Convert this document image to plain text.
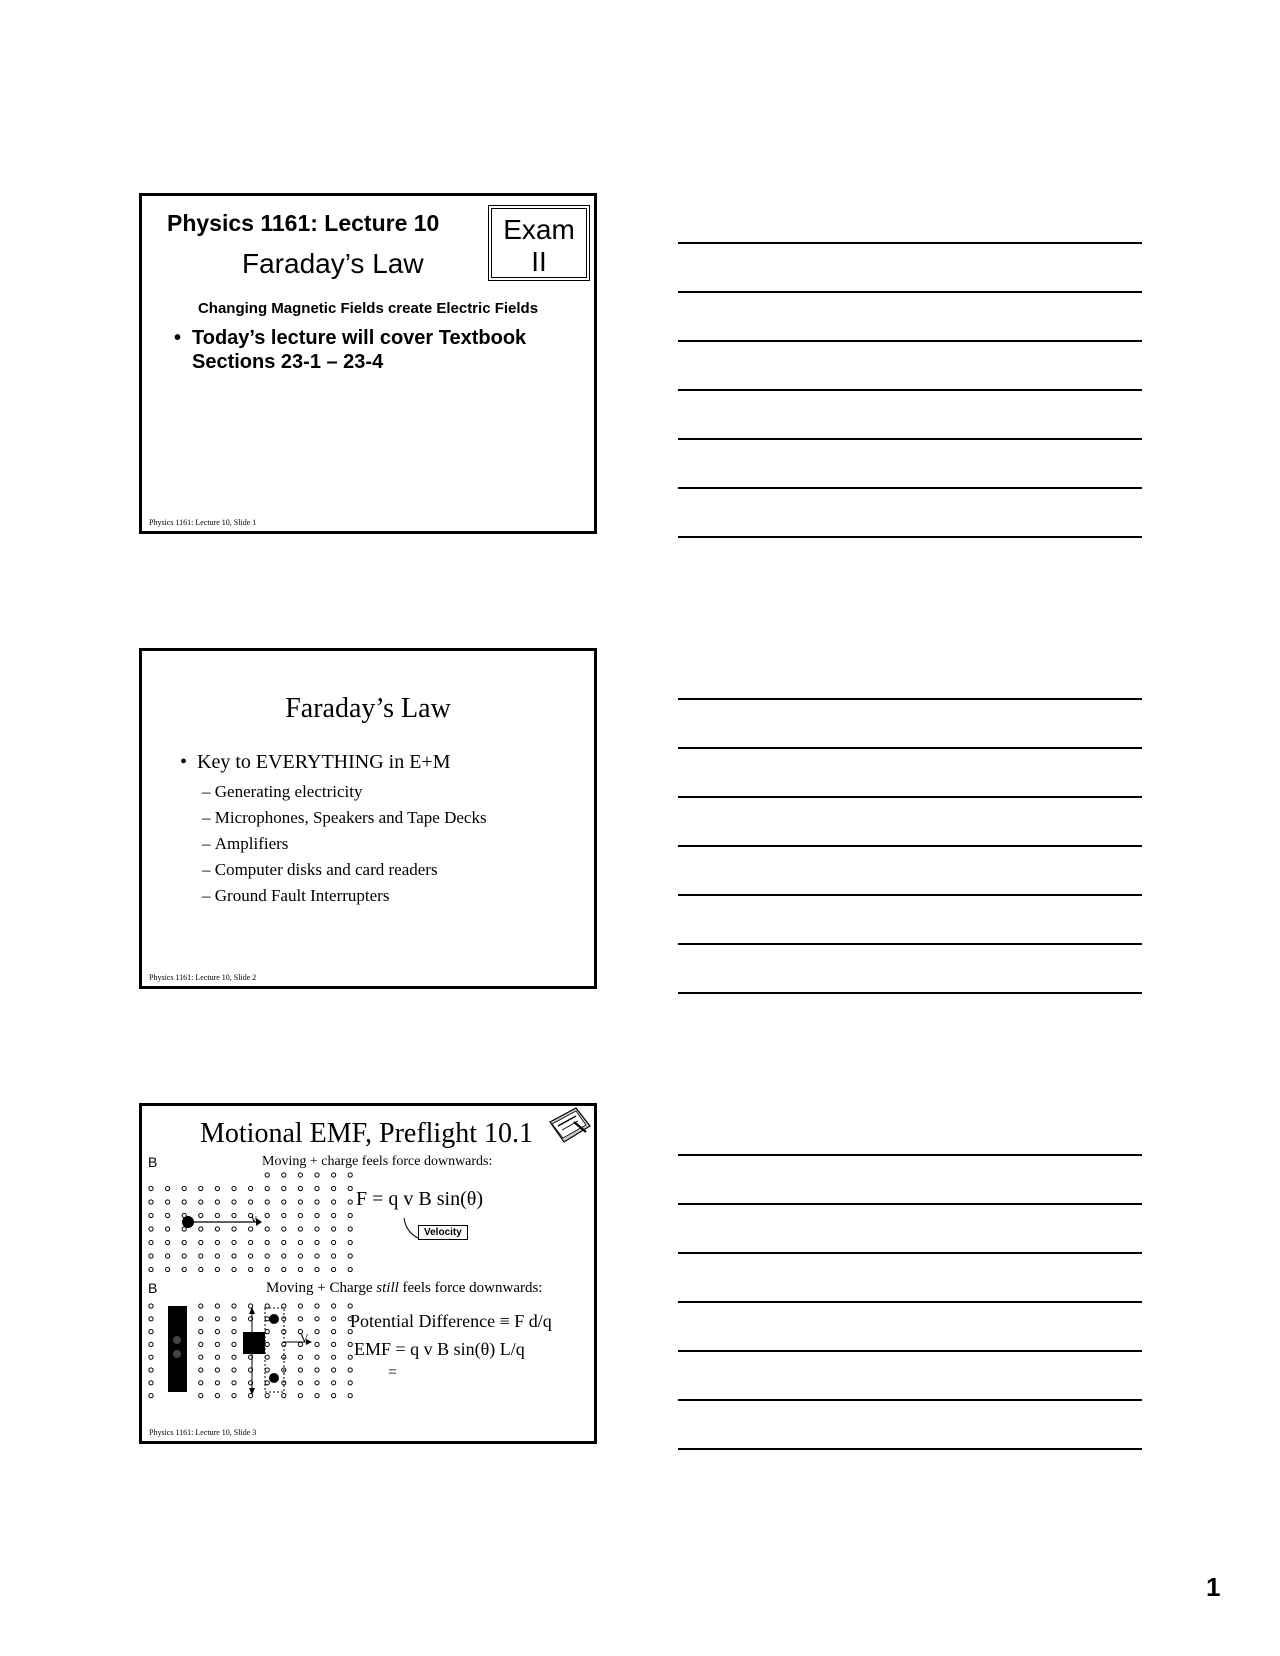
Physics 1161: Lecture 10
Faraday’s Law
Exam
II
Changing Magnetic Fields create Electric Fields
• Today’s lecture will cover Textbook Sections 23-1 – 23-4
Physics 1161: Lecture 10, Slide 1
Faraday’s Law
•  Key to EVERYTHING in E+M
– Generating electricity
– Microphones, Speakers and Tape Decks
– Amplifiers
– Computer disks and card readers
– Ground Fault Interrupters
Physics 1161: Lecture 10, Slide 2
Motional EMF, Preflight 10.1
B	Moving + charge feels force downwards:
v
F = q v B sin(θ)
Velocity
B	Moving + Charge still feels force downwards:
V
Potential Difference ≡ F d/q
EMF = q v B sin(θ) L/q
=
Physics 1161: Lecture 10, Slide 3
1
